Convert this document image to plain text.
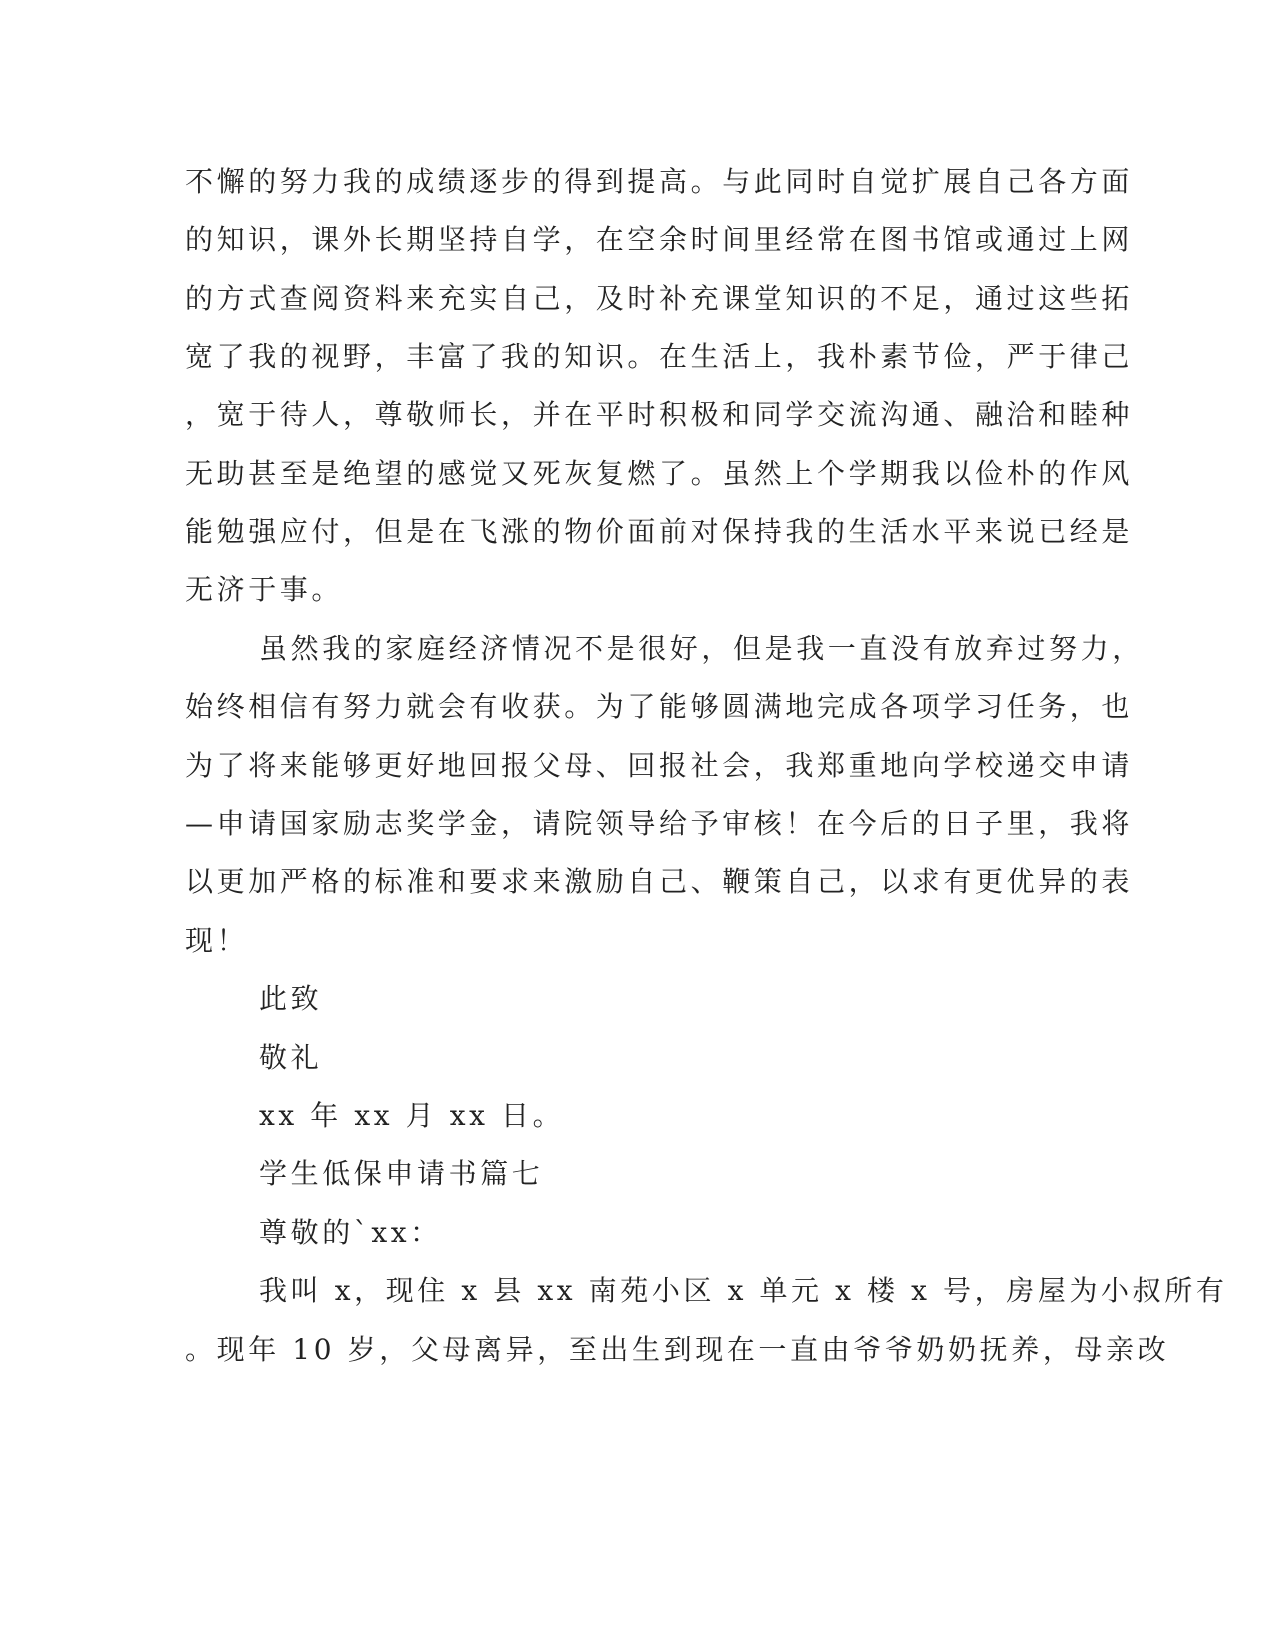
不懈的努力我的成绩逐步的得到提高。与此同时自觉扩展自己各方面
的知识，课外长期坚持自学，在空余时间里经常在图书馆或通过上网
的方式查阅资料来充实自己，及时补充课堂知识的不足，通过这些拓
宽了我的视野，丰富了我的知识。在生活上，我朴素节俭，严于律己
，宽于待人，尊敬师长，并在平时积极和同学交流沟通、融洽和睦种
无助甚至是绝望的感觉又死灰复燃了。虽然上个学期我以俭朴的作风
能勉强应付，但是在飞涨的物价面前对保持我的生活水平来说已经是
无济于事。
虽然我的家庭经济情况不是很好，但是我一直没有放弃过努力，
始终相信有努力就会有收获。为了能够圆满地完成各项学习任务，也
为了将来能够更好地回报父母、回报社会，我郑重地向学校递交申请
—申请国家励志奖学金，请院领导给予审核！在今后的日子里，我将
以更加严格的标准和要求来激励自己、鞭策自己，以求有更优异的表
现！
此致
敬礼
xx 年 xx 月 xx 日。
学生低保申请书篇七
尊敬的`xx：
我叫 x，现住 x 县 xx 南苑小区 x 单元 x 楼 x 号，房屋为小叔所有
。现年 10 岁，父母离异，至出生到现在一直由爷爷奶奶抚养，母亲改
